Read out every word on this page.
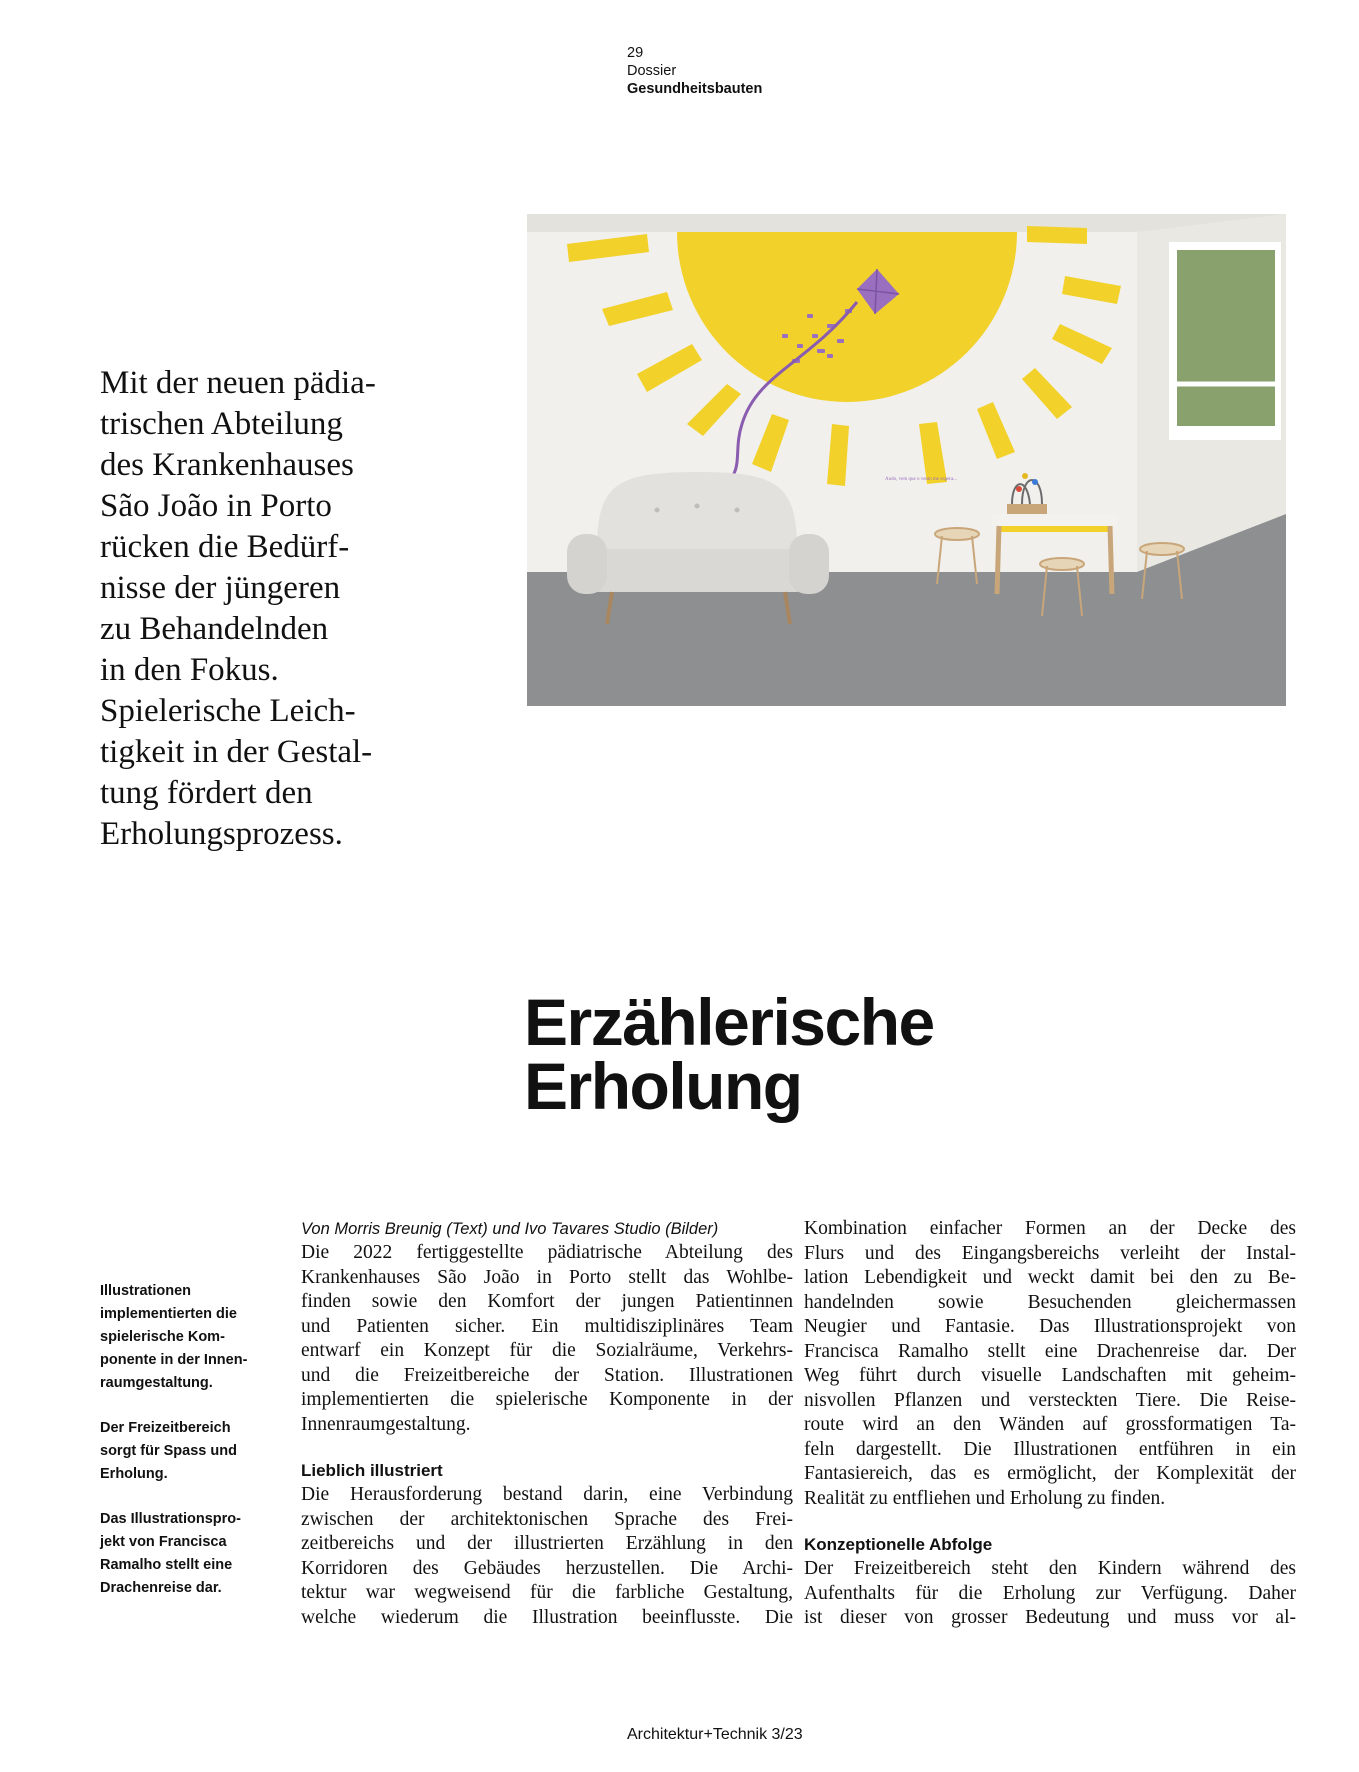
29
Dossier
Gesundheitsbauten

Mit der neuen pädia-
trischen Abteilung
des Krankenhauses
São João in Porto
rücken die Bedürf-
nisse der jüngeren
zu Behandelnden
in den Fokus.
Spielerische Leich-
tigkeit in der Gestal-
tung fördert den
Erholungsprozess.

Ando, vem que o vento me espera...
Erzählerische
Erholung

Illustrationen
implementierten die
spielerische Kom-
ponente in der Innen-
raumgestaltung.

Der Freizeitbereich
sorgt für Spass und
Erholung.

Das Illustrationspro-
jekt von Francisca
Ramalho stellt eine
Drachenreise dar.

Von Morris Breunig (Text) und Ivo Tavares Studio (Bilder)
Die 2022 fertiggestellte pädiatrische Abteilung des
Krankenhauses São João in Porto stellt das Wohlbe-
finden sowie den Komfort der jungen Patientinnen
und Patienten sicher. Ein multidisziplinäres Team
entwarf ein Konzept für die Sozialräume, Verkehrs-
und die Freizeitbereiche der Station. Illustrationen
implementierten die spielerische Komponente in der
Innenraumgestaltung.
Lieblich illustriert
Die Herausforderung bestand darin, eine Verbindung
zwischen der architektonischen Sprache des Frei-
zeitbereichs und der illustrierten Erzählung in den
Korridoren des Gebäudes herzustellen. Die Archi-
tektur war wegweisend für die farbliche Gestaltung,
welche wiederum die Illustration beeinflusste. Die
Kombination einfacher Formen an der Decke des
Flurs und des Eingangsbereichs verleiht der Instal-
lation Lebendigkeit und weckt damit bei den zu Be-
handelnden sowie Besuchenden gleichermassen
Neugier und Fantasie. Das Illustrationsprojekt von
Francisca Ramalho stellt eine Drachenreise dar. Der
Weg führt durch visuelle Landschaften mit geheim-
nisvollen Pflanzen und versteckten Tiere. Die Reise-
route wird an den Wänden auf grossformatigen Ta-
feln dargestellt. Die Illustrationen entführen in ein
Fantasiereich, das es ermöglicht, der Komplexität der
Realität zu entfliehen und Erholung zu finden.
Konzeptionelle Abfolge
Der Freizeitbereich steht den Kindern während des
Aufenthalts für die Erholung zur Verfügung. Daher
ist dieser von grosser Bedeutung und muss vor al-
Architektur+Technik 3/23
